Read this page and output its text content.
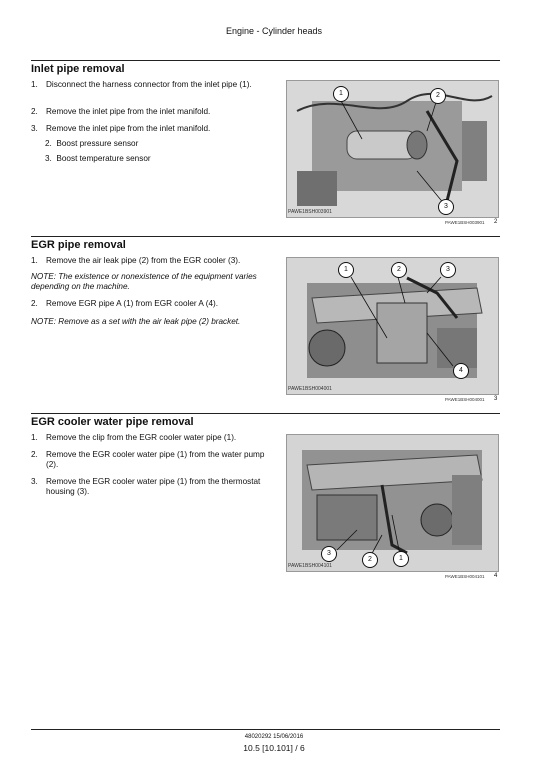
Engine - Cylinder heads
Inlet pipe removal
1. Disconnect the harness connector from the inlet pipe (1).
2. Remove the inlet pipe from the inlet manifold.
3. Remove the inlet pipe from the inlet manifold.
2. Boost pressure sensor
3. Boost temperature sensor
1	2
3
PAWE1BSH003901
PAWE1BSH003901 2
EGR pipe removal
1. Remove the air leak pipe (2) from the EGR cooler (3).
NOTE: The existence or nonexistence of the equipment varies depending on the machine.
2. Remove EGR pipe A (1) from EGR cooler A (4).
NOTE: Remove as a set with the air leak pipe (2) bracket.
1	2	3
4
PAWE1BSH004001
PAWE1BSH004001 3
EGR cooler water pipe removal
1. Remove the clip from the EGR cooler water pipe (1).
2. Remove the EGR cooler water pipe (1) from the water pump (2).
3. Remove the EGR cooler water pipe (1) from the thermostat housing (3).
3
2	1
PAWE1BSH004101
PAWE1BSH004101 4
48020292 15/06/2016
10.5 [10.101] / 6
